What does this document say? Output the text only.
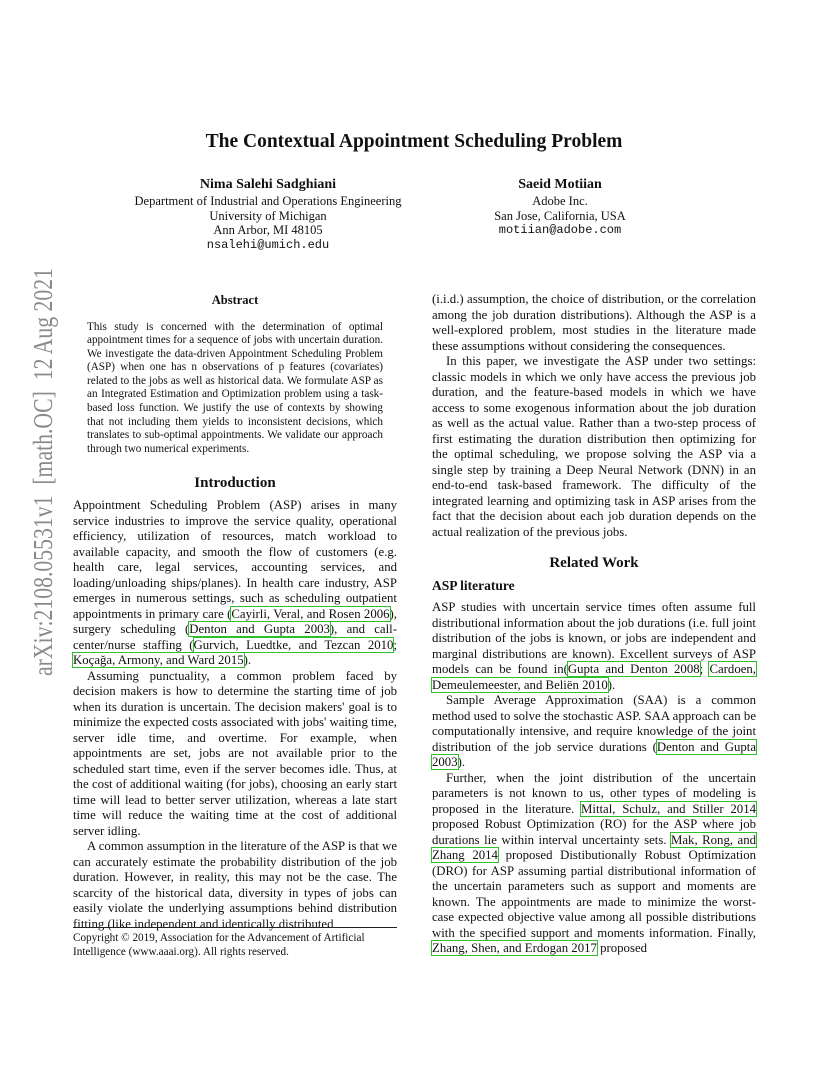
arXiv:2108.05531v1  [math.OC]  12 Aug 2021
The Contextual Appointment Scheduling Problem
Nima Salehi Sadghiani
Department of Industrial and Operations Engineering
University of Michigan
Ann Arbor, MI 48105
nsalehi@umich.edu
Saeid Motiian
Adobe Inc.
San Jose, California, USA
motiian@adobe.com
Abstract

This study is concerned with the determination of optimal appointment times for a sequence of jobs with uncertain duration. We investigate the data-driven Appointment Scheduling Problem (ASP) when one has n observations of p features (covariates) related to the jobs as well as historical data. We formulate ASP as an Integrated Estimation and Optimization problem using a task-based loss function. We justify the use of contexts by showing that not including them yields to inconsistent decisions, which translates to sub-optimal appointments. We validate our approach through two numerical experiments.

Introduction

Appointment Scheduling Problem (ASP) arises in many service industries to improve the service quality, operational efficiency, utilization of resources, match workload to available capacity, and smooth the flow of customers (e.g. health care, legal services, accounting services, and loading/unloading ships/planes). In health care industry, ASP emerges in numerous settings, such as scheduling outpatient appointments in primary care (Cayirli, Veral, and Rosen 2006), surgery scheduling (Denton and Gupta 2003), and call-center/nurse staffing (Gurvich, Luedtke, and Tezcan 2010; Koçağa, Armony, and Ward 2015).

Assuming punctuality, a common problem faced by decision makers is how to determine the starting time of job when its duration is uncertain. The decision makers' goal is to minimize the expected costs associated with jobs' waiting time, server idle time, and overtime. For example, when appointments are set, jobs are not available prior to the scheduled start time, even if the server becomes idle. Thus, at the cost of additional waiting (for jobs), choosing an early start time will lead to better server utilization, whereas a late start time will reduce the waiting time at the cost of additional server idling.

A common assumption in the literature of the ASP is that we can accurately estimate the probability distribution of the job duration. However, in reality, this may not be the case. The scarcity of the historical data, diversity in types of jobs can easily violate the underlying assumptions behind distribution fitting (like independent and identically distributed

Copyright © 2019, Association for the Advancement of Artificial Intelligence (www.aaai.org). All rights reserved.

(i.i.d.) assumption, the choice of distribution, or the correlation among the job duration distributions). Although the ASP is a well-explored problem, most studies in the literature made these assumptions without considering the consequences.

In this paper, we investigate the ASP under two settings: classic models in which we only have access the previous job duration, and the feature-based models in which we have access to some exogenous information about the job duration as well as the actual value. Rather than a two-step process of first estimating the duration distribution then optimizing for the optimal scheduling, we propose solving the ASP via a single step by training a Deep Neural Network (DNN) in an end-to-end task-based framework. The difficulty of the integrated learning and optimizing task in ASP arises from the fact that the decision about each job duration depends on the actual realization of the previous jobs.

Related Work
ASP literature

ASP studies with uncertain service times often assume full distributional information about the job durations (i.e. full joint distribution of the jobs is known, or jobs are independent and marginal distributions are known). Excellent surveys of ASP models can be found in(Gupta and Denton 2008; Cardoen, Demeulemeester, and Beliën 2010).

Sample Average Approximation (SAA) is a common method used to solve the stochastic ASP. SAA approach can be computationally intensive, and require knowledge of the joint distribution of the job service durations (Denton and Gupta 2003).

Further, when the joint distribution of the uncertain parameters is not known to us, other types of modeling is proposed in the literature. Mittal, Schulz, and Stiller 2014 proposed Robust Optimization (RO) for the ASP where job durations lie within interval uncertainty sets. Mak, Rong, and Zhang 2014 proposed Distibutionally Robust Optimization (DRO) for ASP assuming partial distributional information of the uncertain parameters such as support and moments are known. The appointments are made to minimize the worst-case expected objective value among all possible distributions with the specified support and moments information. Finally, Zhang, Shen, and Erdogan 2017 proposed
